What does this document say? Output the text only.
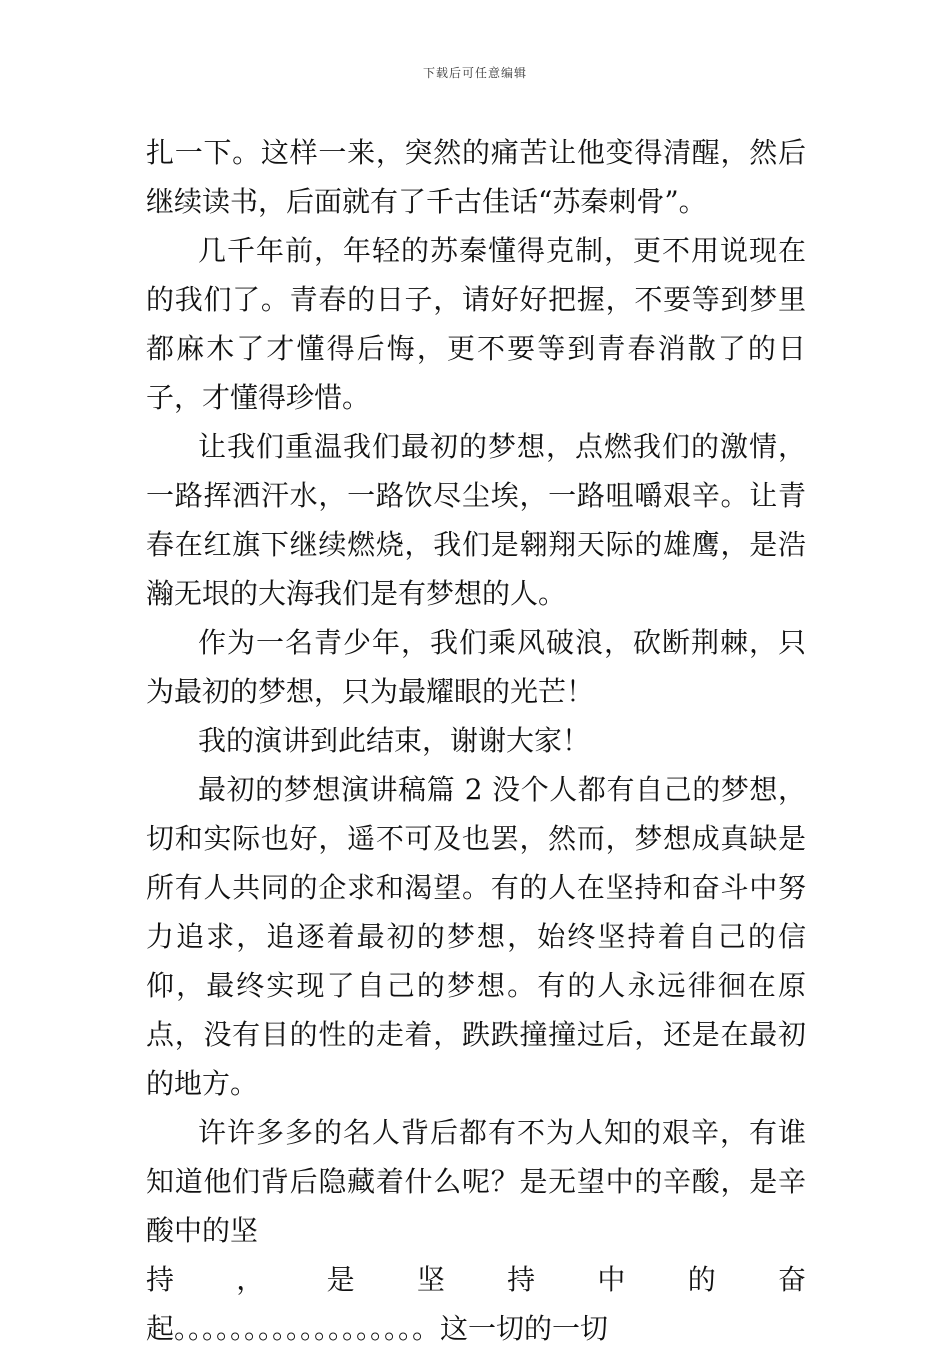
下载后可任意编辑

扎一下。这样一来，突然的痛苦让他变得清醒，然后继续读书，后面就有了千古佳话“苏秦刺骨”。

几千年前，年轻的苏秦懂得克制，更不用说现在的我们了。青春的日子，请好好把握，不要等到梦里都麻木了才懂得后悔，更不要等到青春消散了的日子，才懂得珍惜。

让我们重温我们最初的梦想，点燃我们的激情，一路挥洒汗水，一路饮尽尘埃，一路咀嚼艰辛。让青春在红旗下继续燃烧，我们是翱翔天际的雄鹰，是浩瀚无垠的大海我们是有梦想的人。

作为一名青少年，我们乘风破浪，砍断荆棘，只为最初的梦想，只为最耀眼的光芒！

我的演讲到此结束，谢谢大家！

最初的梦想演讲稿篇 2 没个人都有自己的梦想，切和实际也好，遥不可及也罢，然而，梦想成真缺是所有人共同的企求和渴望。有的人在坚持和奋斗中努力追求，追逐着最初的梦想，始终坚持着自己的信仰，最终实现了自己的梦想。有的人永远徘徊在原点，没有目的性的走着，跌跌撞撞过后，还是在最初的地方。

许许多多的名人背后都有不为人知的艰辛，有谁知道他们背后隐藏着什么呢？是无望中的辛酸，是辛酸中的坚

持 ， 是 坚 持 中 的 奋

起。。。。。。。。。。。。。。。。。。这一切的一切
